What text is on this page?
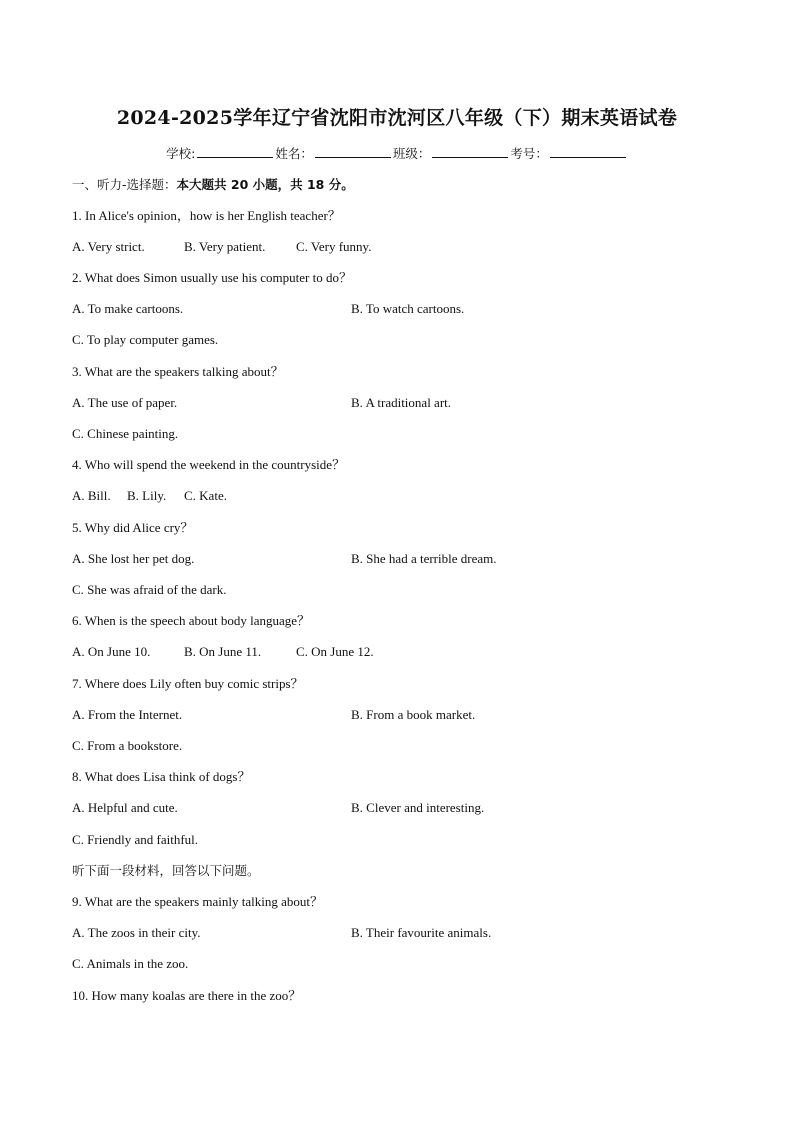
2024-2025学年辽宁省沈阳市沈河区八年级（下）期末英语试卷
学校:	姓名：	班级：	考号：
一、听力-选择题：本大题共 20 小题，共 18 分。
1. In Alice's opinion，how is her English teacher？
A. Very strict.	B. Very patient. C. Very funny.
2. What does Simon usually use his computer to do？
A. To make cartoons.	B. To watch cartoons.
C. To play computer games.
3. What are the speakers talking about？
A. The use of paper.	B. A traditional art.
C. Chinese painting.
4. Who will spend the weekend in the countryside？
A. Bill. B. Lily. C. Kate.
5. Why did Alice cry？
A. She lost her pet dog.	B. She had a terrible dream.
C. She was afraid of the dark.
6. When is the speech about body language？
A. On June 10.	B. On June 11.	C. On June 12.
7. Where does Lily often buy comic strips？
A. From the Internet.	B. From a book market.
C. From a bookstore.
8. What does Lisa think of dogs？
A. Helpful and cute.	B. Clever and interesting.
C. Friendly and faithful.
听下面一段材料，回答以下问题。
9. What are the speakers mainly talking about？
A. The zoos in their city.	B. Their favourite animals.
C. Animals in the zoo.
10. How many koalas are there in the zoo？
